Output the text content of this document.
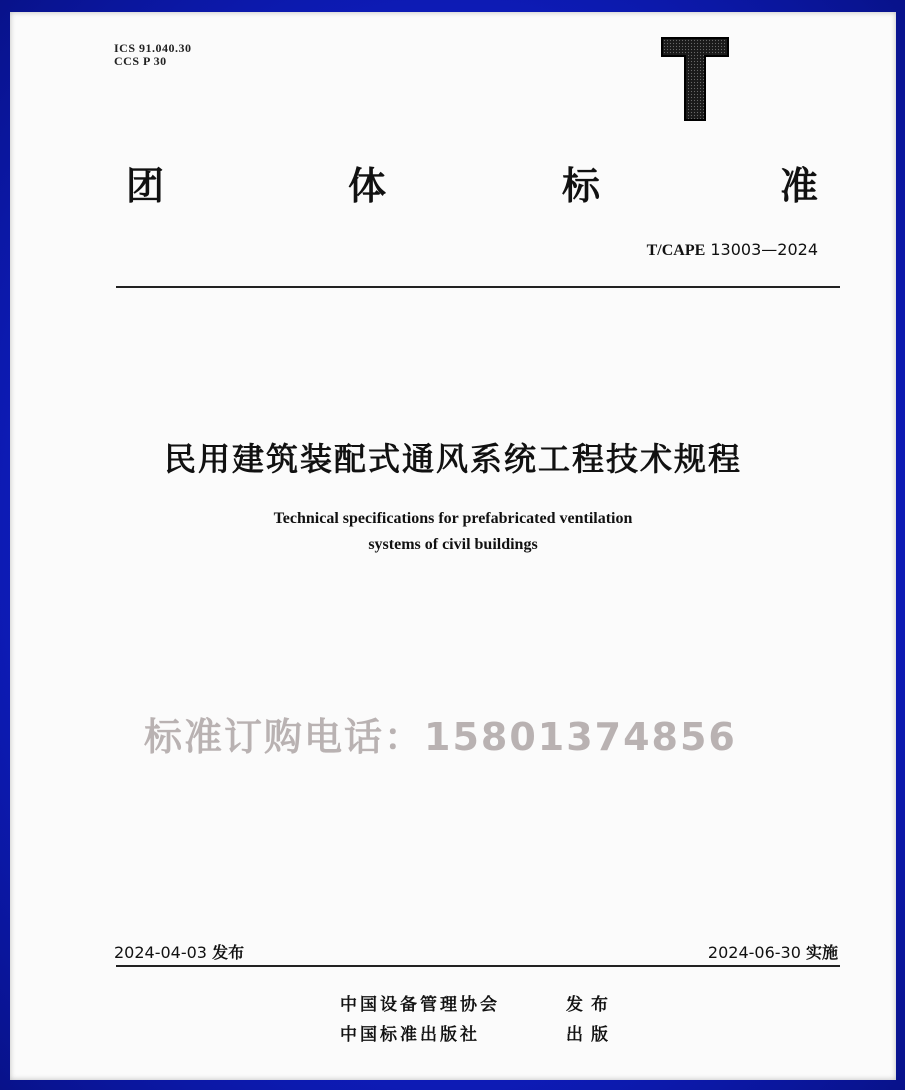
ICS 91.040.30
CCS P 30
团	体	标	准
T/CAPE 13003—2024
民用建筑装配式通风系统工程技术规程
Technical specifications for prefabricated ventilation
systems of civil buildings
标准订购电话：15801374856
2024-04-03 发布	2024-06-30 实施
中国设备管理协会	发布
中国标准出版社	出版
